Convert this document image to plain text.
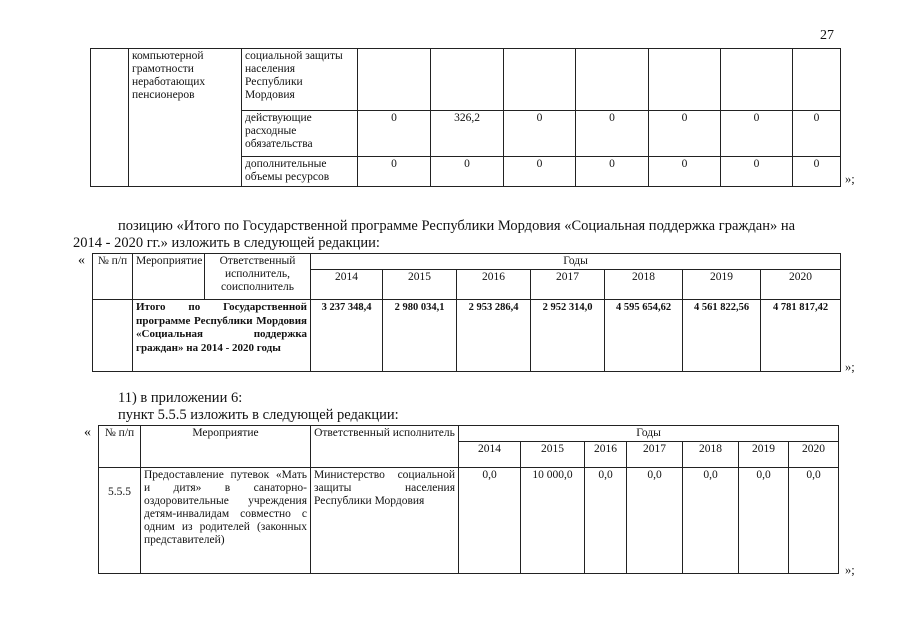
27
	компьютерной грамотности неработающих пенсионеров	социальной защиты населения Республики Мордовия							
		действующие расходные обязательства	0	326,2	0	0	0	0	0
		дополнительные объемы ресурсов	0	0	0	0	0	0	0
»;
позицию «Итого по Государственной программе Республики Мордовия «Социальная поддержка граждан» на
2014 - 2020 гг.» изложить в следующей редакции:
« № п/п	Мероприятие	Ответственный исполнитель, соисполнитель	Годы						
			2014	2015	2016	2017	2018	2019	2020
	Итого по Государственной программе Республики Мордовия «Социальная поддержка граждан» на 2014 - 2020 годы		3 237 348,4	2 980 034,1	2 953 286,4	2 952 314,0	4 595 654,62	4 561 822,56	4 781 817,42
»;
11) в приложении 6:
пункт 5.5.5 изложить в следующей редакции:
« № п/п	Мероприятие	Ответственный исполнитель	Годы						
			2014	2015	2016	2017	2018	2019	2020
5.5.5	Предоставление путевок «Мать и дитя» в санаторно-оздоровительные учреждения детям-инвалидам совместно с одним из родителей (законных представителей)	Министерство социальной защиты населения Республики Мордовия	0,0	10 000,0	0,0	0,0	0,0	0,0	0,0
»;
